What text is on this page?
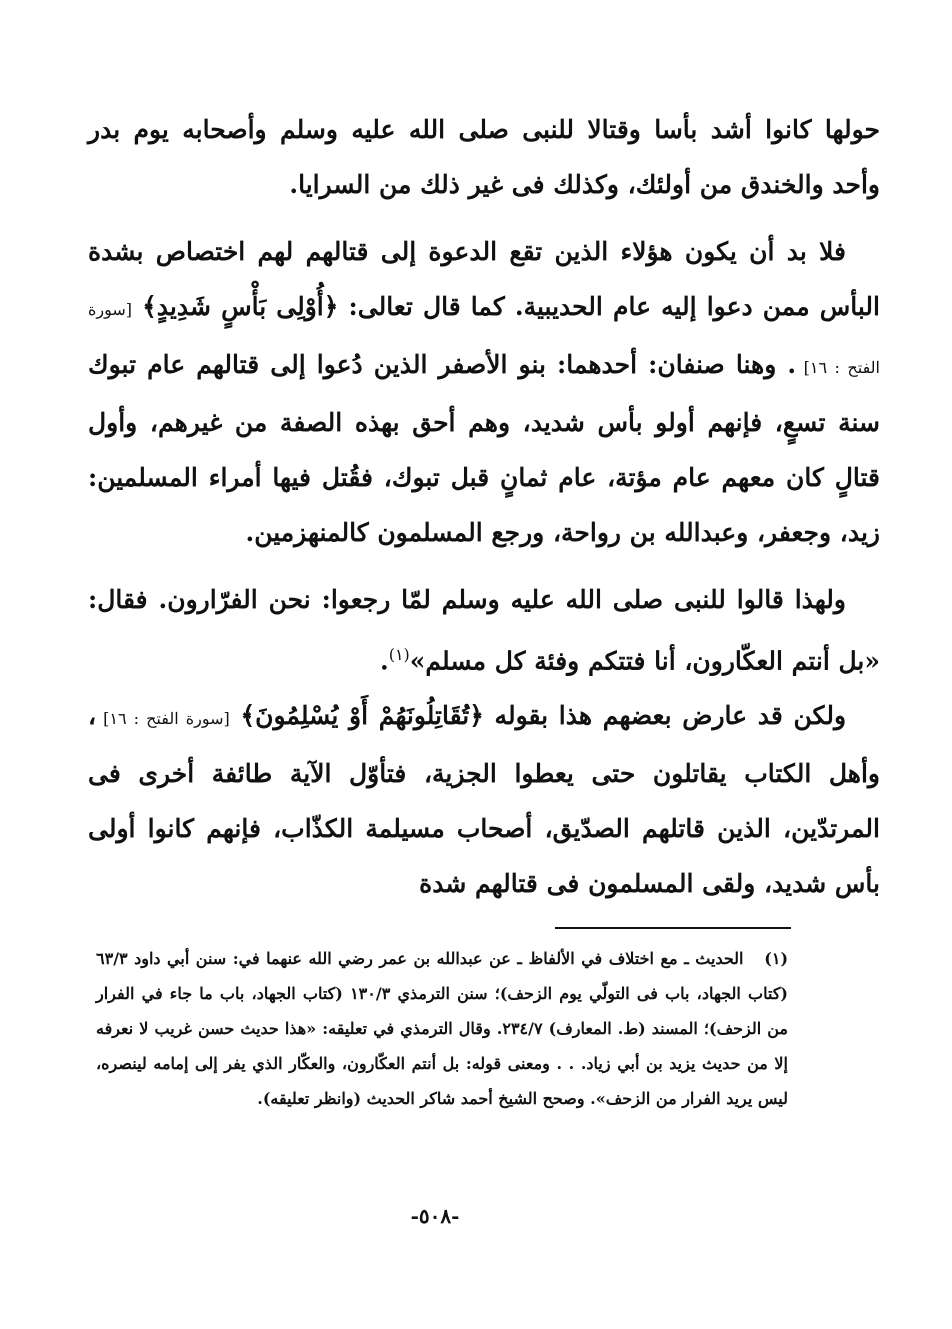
حولها كانوا أشد بأسا وقتالا للنبى صلى الله عليه وسلم وأصحابه يوم بدر وأحد والخندق من أولئك، وكذلك فى غير ذلك من السرايا.

فلا بد أن يكون هؤلاء الذين تقع الدعوة إلى قتالهم لهم اختصاص بشدة البأس ممن دعوا إليه عام الحديبية. كما قال تعالى: ﴿أُوْلِى بَأْسٍ شَدِيدٍ﴾ [سورة الفتح : ١٦] . وهنا صنفان: أحدهما: بنو الأصفر الذين دُعوا إلى قتالهم عام تبوك سنة تسعٍ، فإنهم أولو بأس شديد، وهم أحق بهذه الصفة من غيرهم، وأول قتالٍ كان معهم عام مؤتة، عام ثمانٍ قبل تبوك، فقُتل فيها أمراء المسلمين: زيد، وجعفر، وعبدالله بن رواحة، ورجع المسلمون كالمنهزمين.

ولهذا قالوا للنبى صلى الله عليه وسلم لمّا رجعوا: نحن الفرّارون. فقال: «بل أنتم العكّارون، أنا فتتكم وفئة كل مسلم»$^{(١)}$.

ولكن قد عارض بعضهم هذا بقوله ﴿تُقَاتِلُونَهُمْ أَوْ يُسْلِمُونَ﴾ [سورة الفتح : ١٦] ، وأهل الكتاب يقاتلون حتى يعطوا الجزية، فتأوّل الآية طائفة أخرى فى المرتدّين، الذين قاتلهم الصدّيق، أصحاب مسيلمة الكذّاب، فإنهم كانوا أولى بأس شديد، ولقى المسلمون فى قتالهم شدة

(١) الحديث ـ مع اختلاف في الألفاظ ـ عن عبدالله بن عمر رضي الله عنهما في: سنن أبي داود ٦٣/٣ (كتاب الجهاد، باب فى التولّي يوم الزحف)؛ سنن الترمذي ١٣٠/٣ (كتاب الجهاد، باب ما جاء في الفرار من الزحف)؛ المسند (ط. المعارف) ٢٣٤/٧. وقال الترمذي في تعليقه: «هذا حديث حسن غريب لا نعرفه إلا من حديث يزيد بن أبي زياد. . . ومعنى قوله: بل أنتم العكّارون، والعكّار الذي يفر إلى إمامه لينصره، ليس يريد الفرار من الزحف». وصحح الشيخ أحمد شاكر الحديث (وانظر تعليقه).
-٥٠٨-
